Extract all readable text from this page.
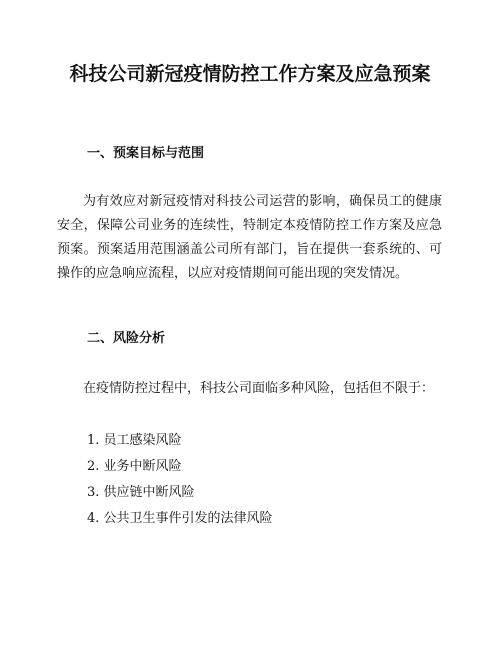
科技公司新冠疫情防控工作方案及应急预案
一、预案目标与范围

为有效应对新冠疫情对科技公司运营的影响，确保员工的健康安全，保障公司业务的连续性，特制定本疫情防控工作方案及应急预案。预案适用范围涵盖公司所有部门，旨在提供一套系统的、可操作的应急响应流程，以应对疫情期间可能出现的突发情况。

二、风险分析

在疫情防控过程中，科技公司面临多种风险，包括但不限于：

1. 员工感染风险
2. 业务中断风险
3. 供应链中断风险
4. 公共卫生事件引发的法律风险
